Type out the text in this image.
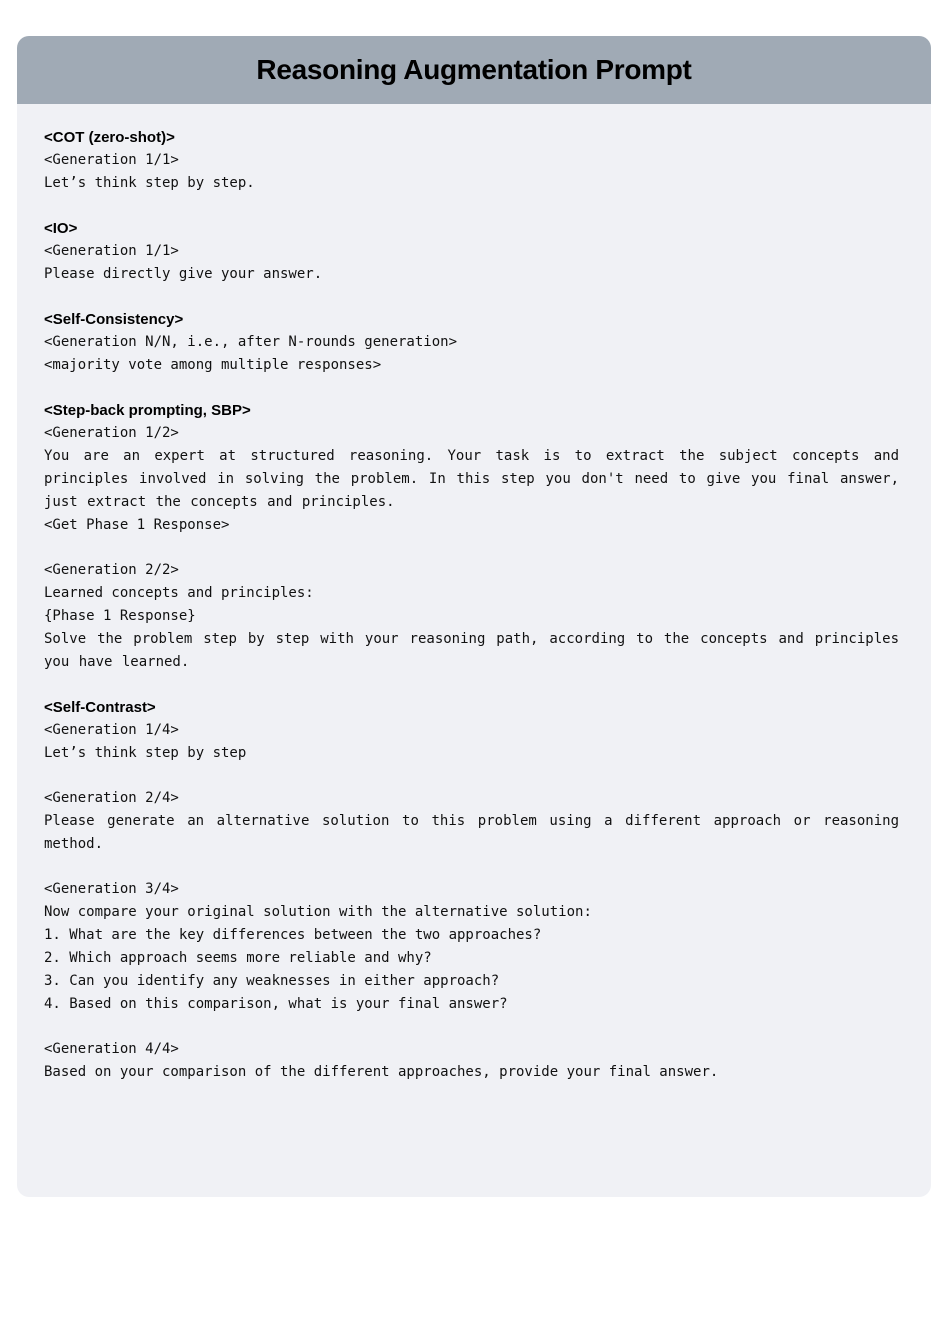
Reasoning Augmentation Prompt

<COT (zero-shot)>

<Generation 1/1>

Let’s think step by step.

<IO>

<Generation 1/1>

Please directly give your answer.

<Self-Consistency>

<Generation N/N, i.e., after N-rounds generation>

<majority vote among multiple responses>

<Step-back prompting, SBP>

<Generation 1/2>

You are an expert at structured reasoning. Your task is to extract the subject concepts and principles involved in solving the problem. In this step you don't need to give you final answer, just extract the concepts and principles.

<Get Phase 1 Response>

<Generation 2/2>

Learned concepts and principles:

{Phase 1 Response}

Solve the problem step by step with your reasoning path, according to the concepts and principles you have learned.

<Self-Contrast>

<Generation 1/4>

Let’s think step by step

<Generation 2/4>

Please generate an alternative solution to this problem using a different approach or reasoning method.

<Generation 3/4>

Now compare your original solution with the alternative solution:

1. What are the key differences between the two approaches?

2. Which approach seems more reliable and why?

3. Can you identify any weaknesses in either approach?

4. Based on this comparison, what is your final answer?

<Generation 4/4>

Based on your comparison of the different approaches, provide your final answer.
